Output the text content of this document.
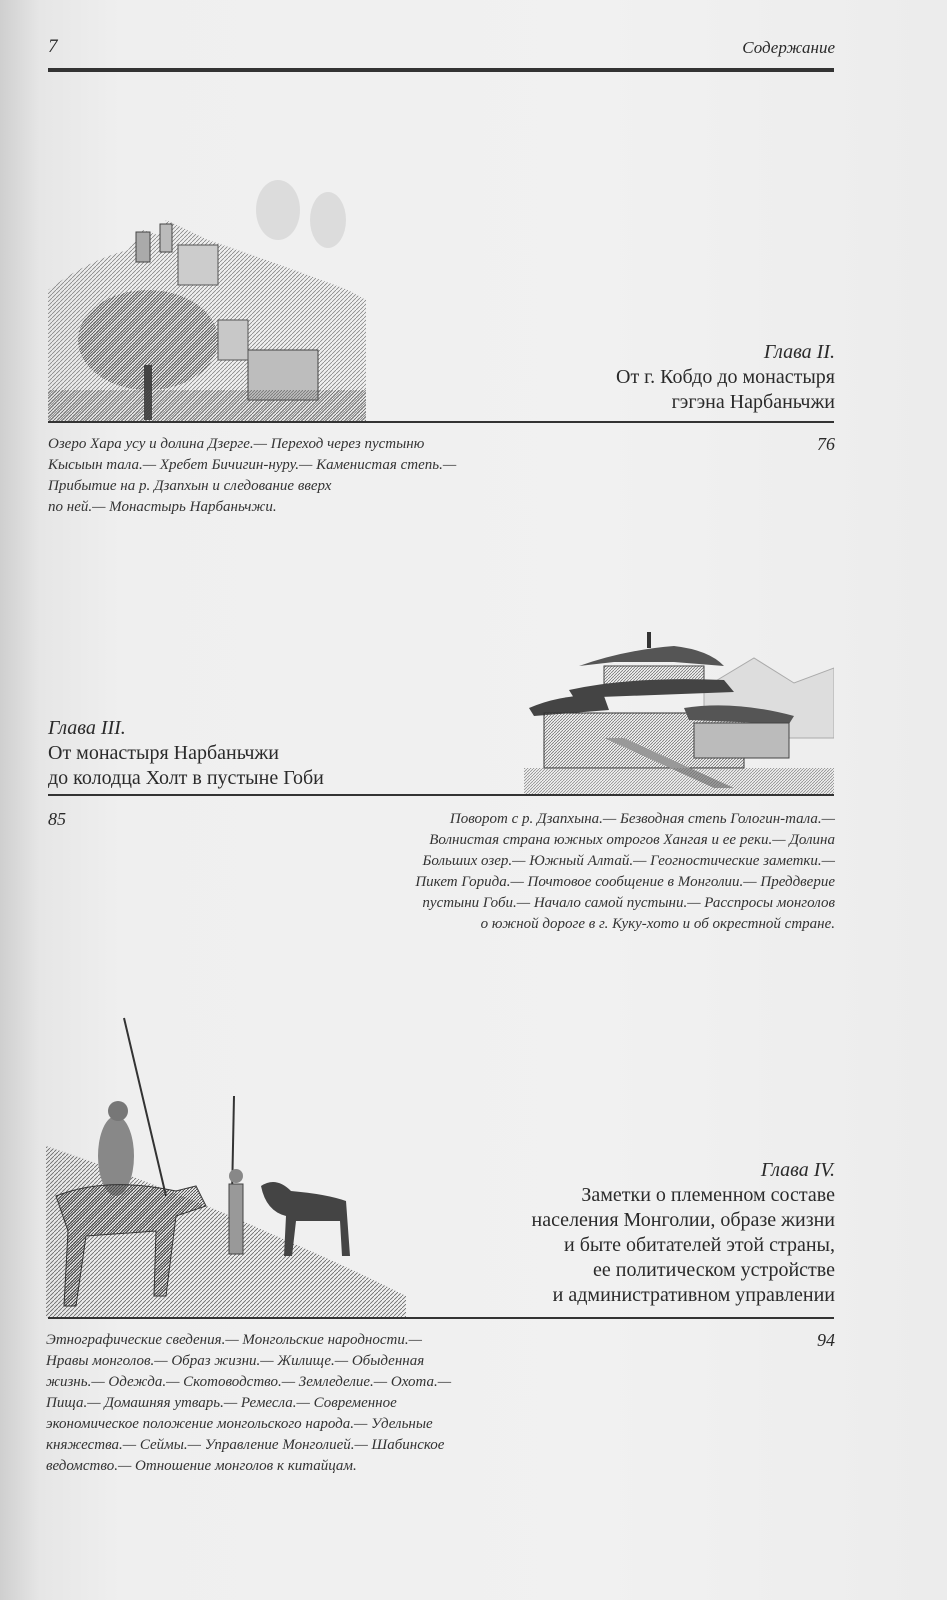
7	Содержание
Глава II.
От г. Кобдо до монастыря
гэгэна Нарбаньчжи
Озеро Хара усу и долина Дзерге.— Переход через пустыню
Кысыын тала.— Хребет Бичигин-нуру.— Каменистая степь.—
Прибытие на р. Дзапхын и следование вверх
по ней.— Монастырь Нарбаньчжи.
76
Глава III.
От монастыря Нарбаньчжи
до колодца Холт в пустыне Гоби
85	Поворот с р. Дзапхына.— Безводная степь Гологин-тала.—
Волнистая страна южных отрогов Хангая и ее реки.— Долина
Больших озер.— Южный Алтай.— Геогностические заметки.—
Пикет Горида.— Почтовое сообщение в Монголии.— Преддверие
пустыни Гоби.— Начало самой пустыни.— Расспросы монголов
о южной дороге в г. Куку-хото и об окрестной стране.
Глава IV.
Заметки о племенном составе
населения Монголии, образе жизни
и быте обитателей этой страны,
ее политическом устройстве
и административном управлении
Этнографические сведения.— Монгольские народности.—
Нравы монголов.— Образ жизни.— Жилище.— Обыденная
жизнь.— Одежда.— Скотоводство.— Земледелие.— Охота.—
Пища.— Домашняя утварь.— Ремесла.— Современное
экономическое положение монгольского народа.— Удельные
княжества.— Сеймы.— Управление Монголией.— Шабинское
ведомство.— Отношение монголов к китайцам.
94
